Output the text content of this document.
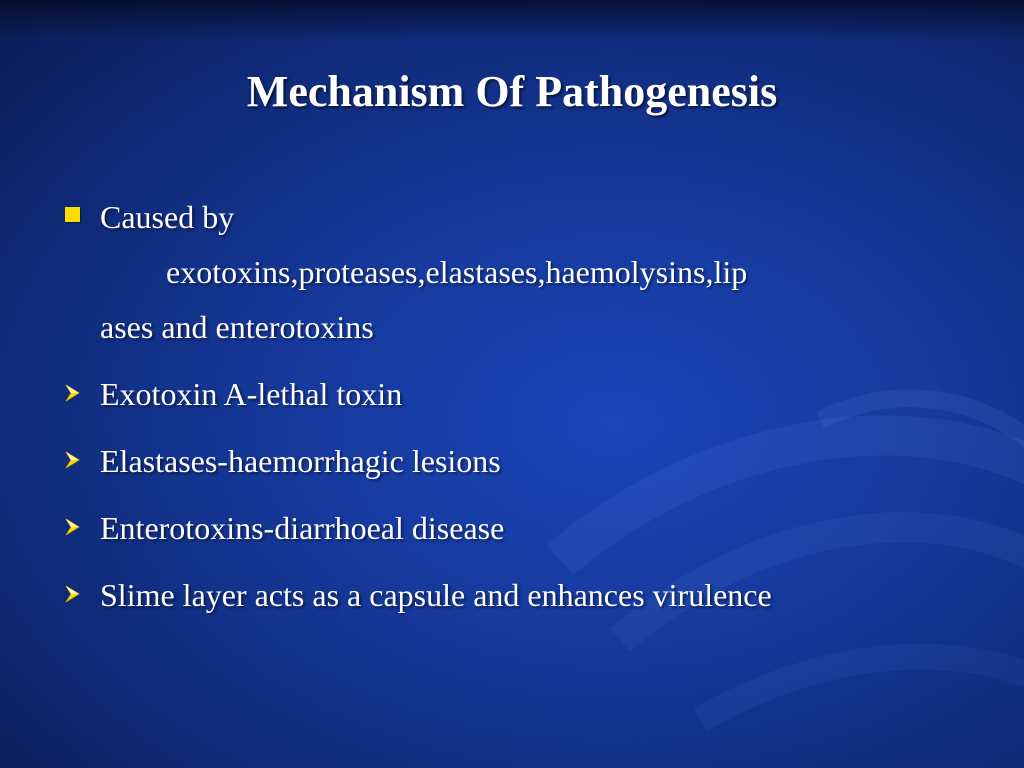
Mechanism Of Pathogenesis
Caused by
exotoxins,proteases,elastases,haemolysins,lip
ases and enterotoxins
Exotoxin A-lethal toxin
Elastases-haemorrhagic lesions
Enterotoxins-diarrhoeal disease
Slime layer acts as a capsule and enhances virulence
